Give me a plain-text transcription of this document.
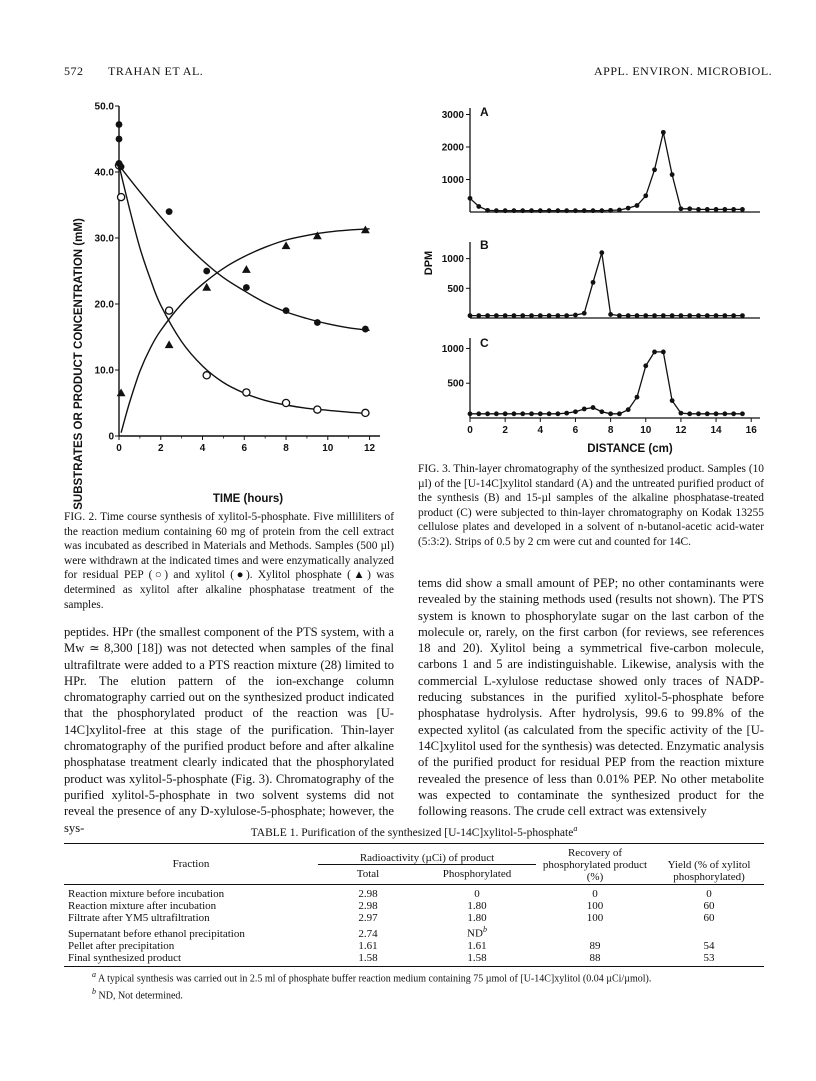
572 TRAHAN ET AL.	APPL. ENVIRON. MICROBIOL.
0	2	4	6	8	10	12
0
10.0
20.0
30.0
40.0
50.0
SUBSTRATES OR PRODUCT CONCENTRATION (mM)	TIME (hours)
FIG. 2. Time course synthesis of xylitol-5-phosphate. Five milliliters of the reaction medium containing 60 mg of protein from the cell extract was incubated as described in Materials and Methods. Samples (500 µl) were withdrawn at the indicated times and were enzymatically analyzed for residual PEP (○) and xylitol (●). Xylitol phosphate (▲) was determined as xylitol after alkaline phosphatase treatment of the samples.
1000
2000
3000
500
1000
500
1000
0	2	4	6	8	10 12 14 16
A
B
C
DPM
DISTANCE (cm)
FIG. 3. Thin-layer chromatography of the synthesized product. Samples (10 µl) of the [U-14C]xylitol standard (A) and the untreated purified product of the synthesis (B) and 15-µl samples of the alkaline phosphatase-treated product (C) were subjected to thin-layer chromatography on Kodak 13255 cellulose plates and developed in a solvent of n-butanol-acetic acid-water (5:3:2). Strips of 0.5 by 2 cm were cut and counted for 14C.

peptides. HPr (the smallest component of the PTS system, with a Mw ≃ 8,300 [18]) was not detected when samples of the final ultrafiltrate were added to a PTS reaction mixture (28) limited to HPr. The elution pattern of the ion-exchange column chromatography carried out on the synthesized product indicated that the phosphorylated product of the reaction was [U-14C]xylitol-free at this stage of the purification. Thin-layer chromatography of the purified product before and after alkaline phosphatase treatment clearly indicated that the phosphorylated product was xylitol-5-phosphate (Fig. 3). Chromatography of the purified xylitol-5-phosphate in two solvent systems did not reveal the presence of any D-xylulose-5-phosphate; however, the sys-

tems did show a small amount of PEP; no other contaminants were revealed by the staining methods used (results not shown). The PTS system is known to phosphorylate sugar on the last carbon of the molecule or, rarely, on the first carbon (for reviews, see references 18 and 20). Xylitol being a symmetrical five-carbon molecule, carbons 1 and 5 are indistinguishable. Likewise, analysis with the commercial L-xylulose reductase showed only traces of NADP-reducing substances in the purified xylitol-5-phosphate before phosphatase hydrolysis. After hydrolysis, 99.6 to 99.8% of the expected xylitol (as calculated from the specific activity of the [U-14C]xylitol used for the synthesis) was detected. Enzymatic analysis of the purified product for residual PEP from the reaction mixture revealed the presence of less than 0.01% PEP. No other metabolite was expected to contaminate the synthesized product for the following reasons. The crude cell extract was extensively

TABLE 1. Purification of the synthesized [U-14C]xylitol-5-phosphate$^a$
Fraction	Radioactivity (µCi) of product		Recovery of phosphorylated product (%)	Yield (% of xylitol phosphorylated)
	Total	Phosphorylated		

Reaction mixture before incubation	2.98	0	0	0
Reaction mixture after incubation	2.98	1.80	100	60
Filtrate after YM5 ultrafiltration	2.97	1.80	100	60
Supernatant before ethanol precipitation	2.74	$ND^b$		
Pellet after precipitation	1.61	1.61	89	54
Final synthesized product	1.58	1.58	88	53
$^a$ A typical synthesis was carried out in 2.5 ml of phosphate buffer reaction medium containing 75 µmol of [U-14C]xylitol (0.04 µCi/µmol).
$^b$ ND, Not determined.
